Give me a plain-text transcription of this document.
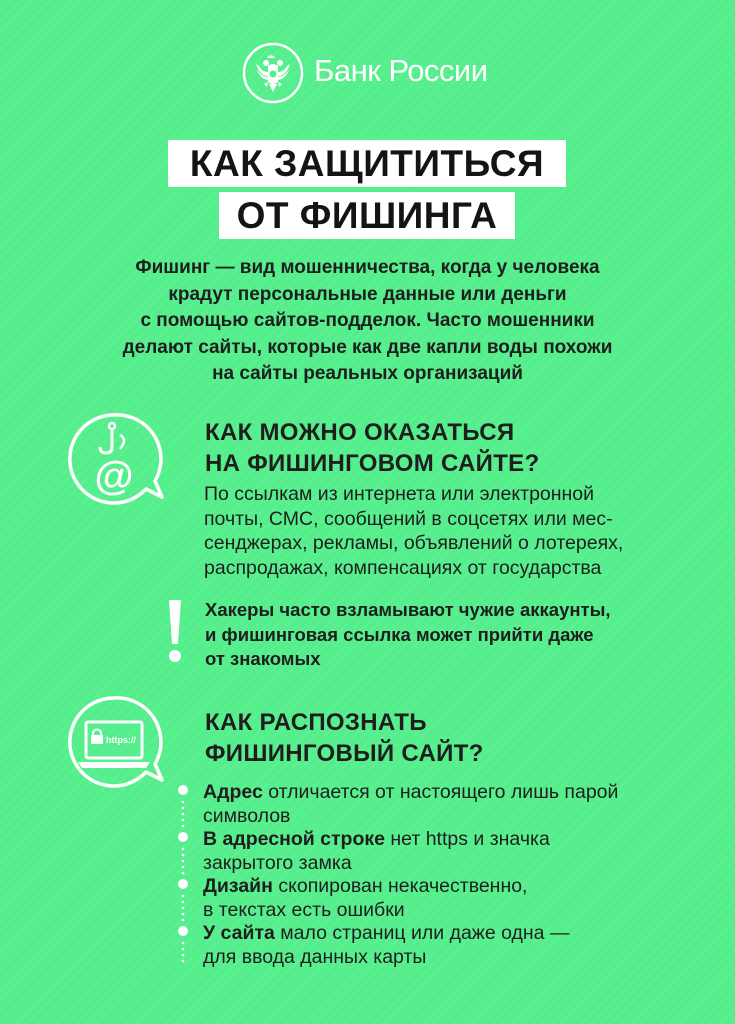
Банк России
КАК ЗАЩИТИТЬСЯ
ОТ ФИШИНГА
Фишинг — вид мошенничества, когда у человека
крадут персональные данные или деньги
с помощью сайтов-подделок. Часто мошенники
делают сайты, которые как две капли воды похожи
на сайты реальных организаций
@
КАК МОЖНО ОКАЗАТЬСЯ
НА ФИШИНГОВОМ САЙТЕ?
По ссылкам из интернета или электронной
почты, СМС, сообщений в соцсетях или мес-
сенджерах, рекламы, объявлений о лотереях,
распродажах, компенсациях от государства
Хакеры часто взламывают чужие аккаунты,
и фишинговая ссылка может прийти даже
от знакомых
https://
КАК РАСПОЗНАТЬ
ФИШИНГОВЫЙ САЙТ?
Адрес отличается от настоящего лишь парой
символов
В адресной строке нет https и значка
закрытого замка
Дизайн скопирован некачественно,
в текстах есть ошибки
У сайта мало страниц или даже одна —
для ввода данных карты
